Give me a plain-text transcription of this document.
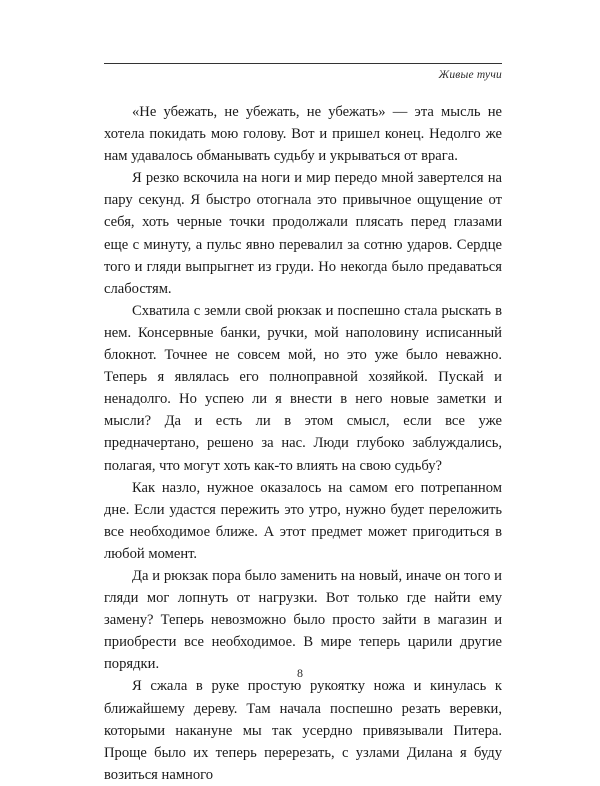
Живые тучи

«Не убежать, не убежать, не убежать» — эта мысль не хотела покидать мою голову. Вот и пришел конец. Недолго же нам удавалось обманывать судьбу и укрываться от врага.

Я резко вскочила на ноги и мир передо мной завертелся на пару секунд. Я быстро отогнала это привычное ощущение от себя, хоть черные точки продолжали плясать перед глазами еще с минуту, а пульс явно перевалил за сотню ударов. Сердце того и гляди выпрыгнет из груди. Но некогда было предаваться слабостям.

Схватила с земли свой рюкзак и поспешно стала рыскать в нем. Консервные банки, ручки, мой наполовину исписанный блокнот. Точнее не совсем мой, но это уже было неважно. Теперь я являлась его полноправной хозяйкой. Пускай и ненадолго. Но успею ли я внести в него новые заметки и мысли? Да и есть ли в этом смысл, если все уже предначертано, решено за нас. Люди глубоко заблуждались, полагая, что могут хоть как-то влиять на свою судьбу?

Как назло, нужное оказалось на самом его потрепанном дне. Если удастся пережить это утро, нужно будет переложить все необходимое ближе. А этот предмет может пригодиться в любой момент.

Да и рюкзак пора было заменить на новый, иначе он того и гляди мог лопнуть от нагрузки. Вот только где найти ему замену? Теперь невозможно было просто зайти в магазин и приобрести все необходимое. В мире теперь царили другие порядки.

Я сжала в руке простую рукоятку ножа и кинулась к ближайшему дереву. Там начала поспешно резать веревки, которыми накануне мы так усердно привязывали Питера. Проще было их теперь перерезать, с узлами Дилана я буду возиться намного

8
